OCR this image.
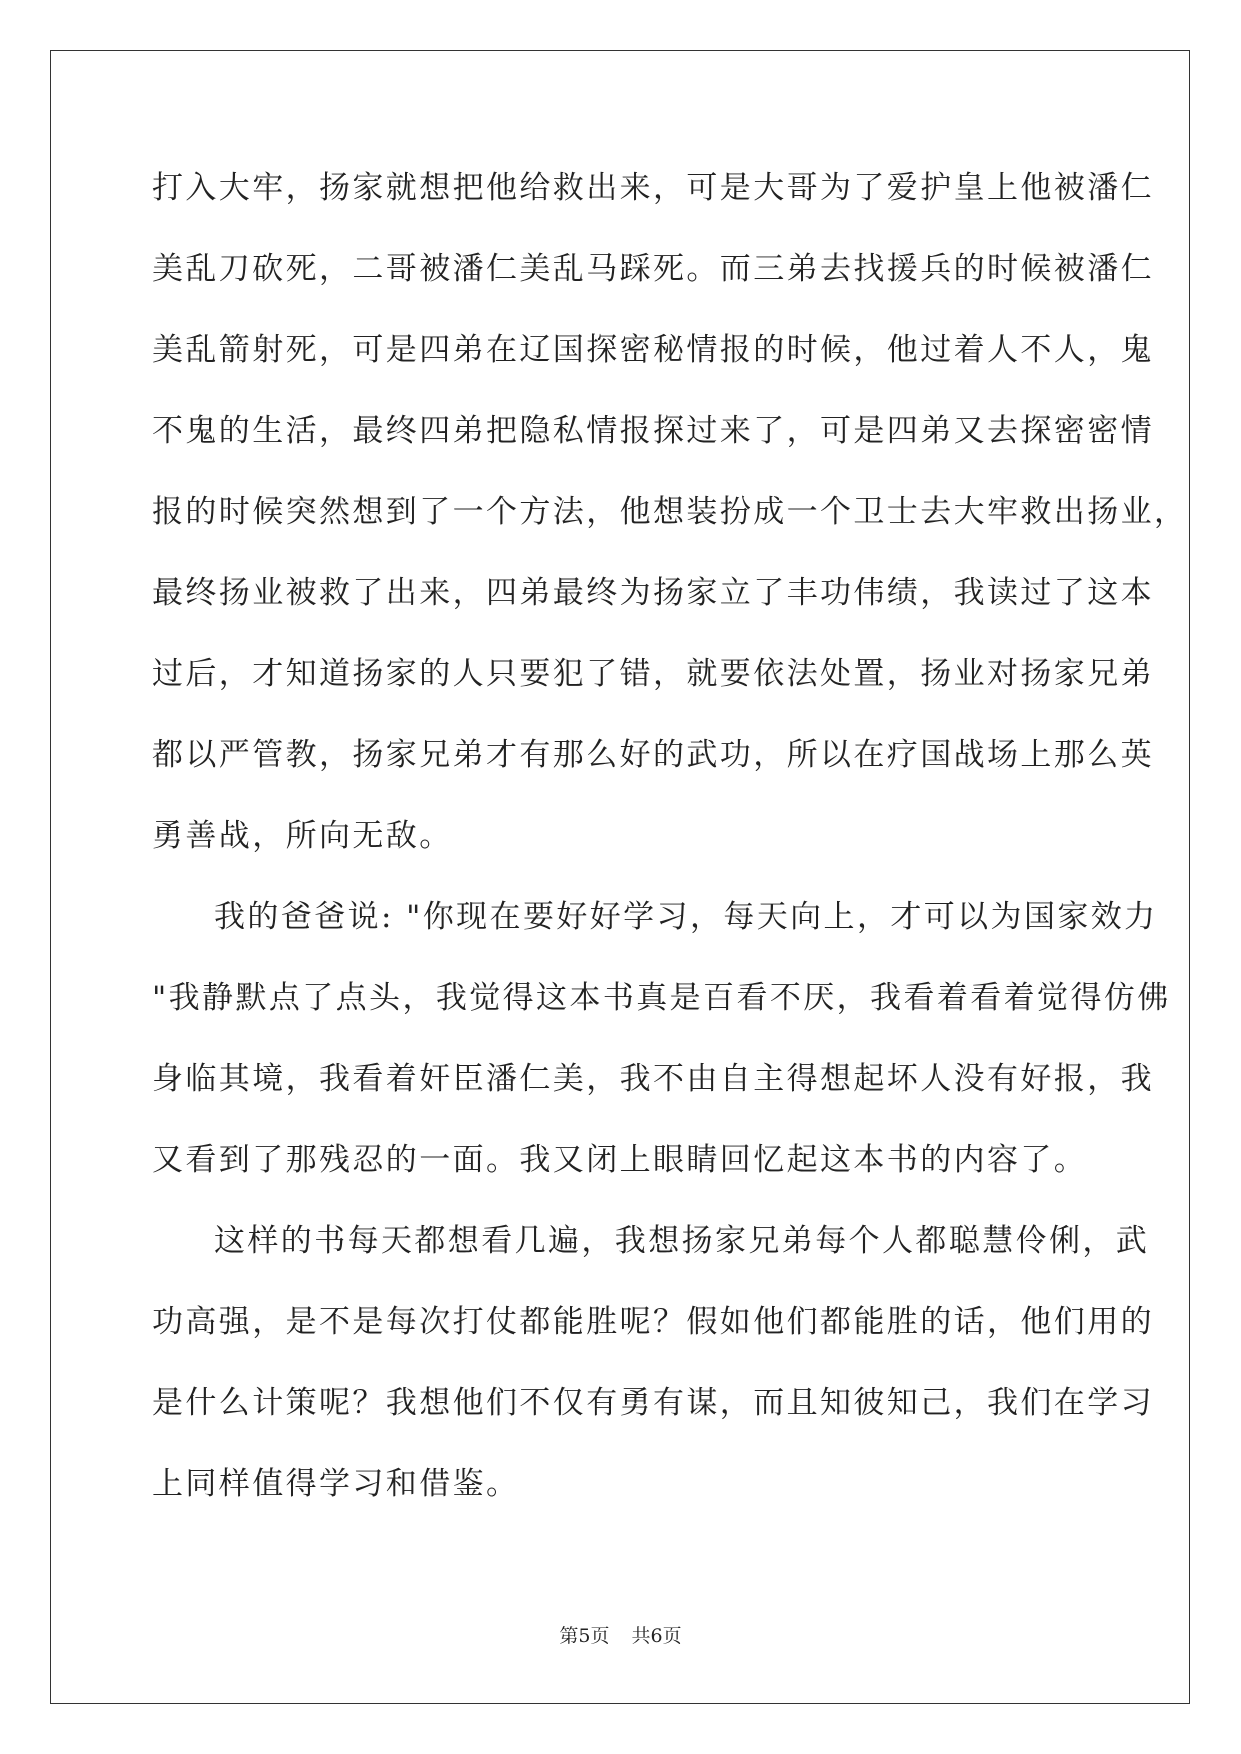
打入大牢，扬家就想把他给救出来，可是大哥为了爱护皇上他被潘仁
美乱刀砍死，二哥被潘仁美乱马踩死。而三弟去找援兵的时候被潘仁
美乱箭射死，可是四弟在辽国探密秘情报的时候，他过着人不人，鬼
不鬼的生活，最终四弟把隐私情报探过来了，可是四弟又去探密密情
报的时候突然想到了一个方法，他想装扮成一个卫士去大牢救出扬业，
最终扬业被救了出来，四弟最终为扬家立了丰功伟绩，我读过了这本
过后，才知道扬家的人只要犯了错，就要依法处置，扬业对扬家兄弟
都以严管教，扬家兄弟才有那么好的武功，所以在疗国战场上那么英
勇善战，所向无敌。
我的爸爸说: "你现在要好好学习，每天向上，才可以为国家效力
"我静默点了点头，我觉得这本书真是百看不厌，我看着看着觉得仿佛
身临其境，我看着奸臣潘仁美，我不由自主得想起坏人没有好报，我
又看到了那残忍的一面。我又闭上眼睛回忆起这本书的内容了。
这样的书每天都想看几遍，我想扬家兄弟每个人都聪慧伶俐，武
功高强，是不是每次打仗都能胜呢？假如他们都能胜的话，他们用的
是什么计策呢？我想他们不仅有勇有谋，而且知彼知己，我们在学习
上同样值得学习和借鉴。
第5页 共6页
